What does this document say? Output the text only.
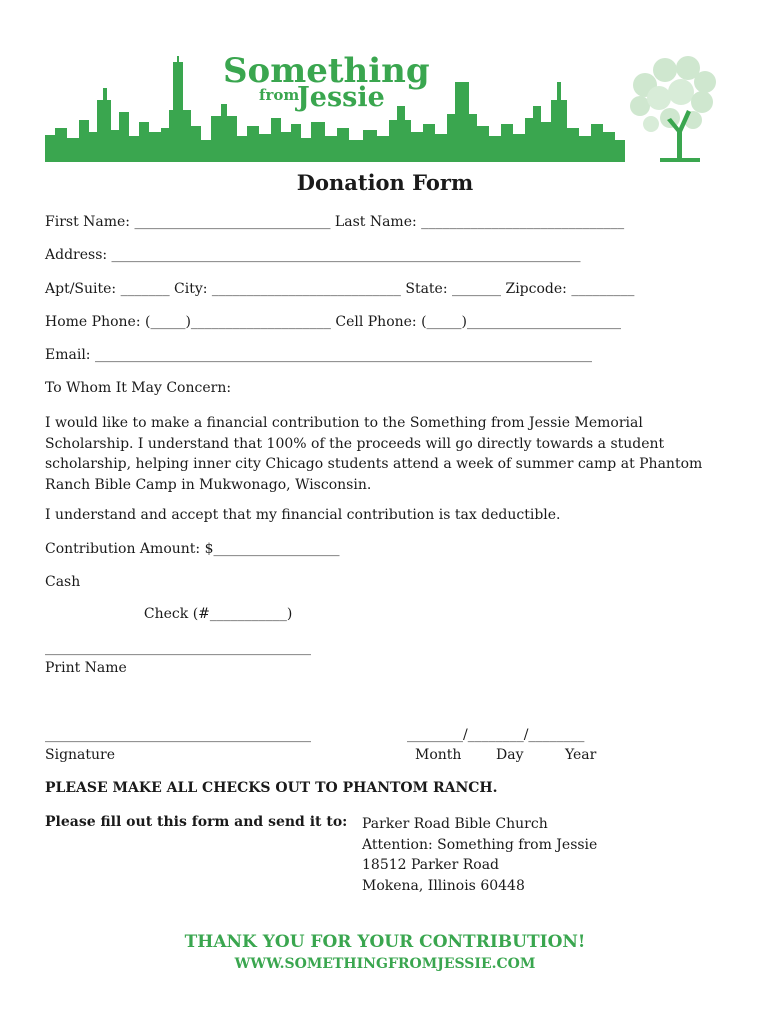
Something
from
Jessie
Donation Form
First Name: ____________________________ Last Name: _____________________________
Address: ___________________________________________________________________
Apt/Suite: _______ City: ___________________________ State: _______ Zipcode: _________
Home Phone: (_____)____________________ Cell Phone: (_____)______________________
Email: _______________________________________________________________________
To Whom It May Concern:
I would like to make a financial contribution to the Something from Jessie Memorial Scholarship. I understand that 100% of the proceeds will go directly towards a student scholarship, helping inner city Chicago students attend a week of summer camp at Phantom Ranch Bible Camp in Mukwonago, Wisconsin.
I understand and accept that my financial contribution is tax deductible.
Contribution Amount: $__________________
Cash

Check (#___________)

______________________________________
Print Name
______________________________________
Signature
________/________/________
Month Day	Year
PLEASE MAKE ALL CHECKS OUT TO PHANTOM RANCH.
Please fill out this form and send it to: Parker Road Bible Church
Attention: Something from Jessie
18512 Parker Road
Mokena, Illinois 60448
THANK YOU FOR YOUR CONTRIBUTION!
WWW.SOMETHINGFROMJESSIE.COM
